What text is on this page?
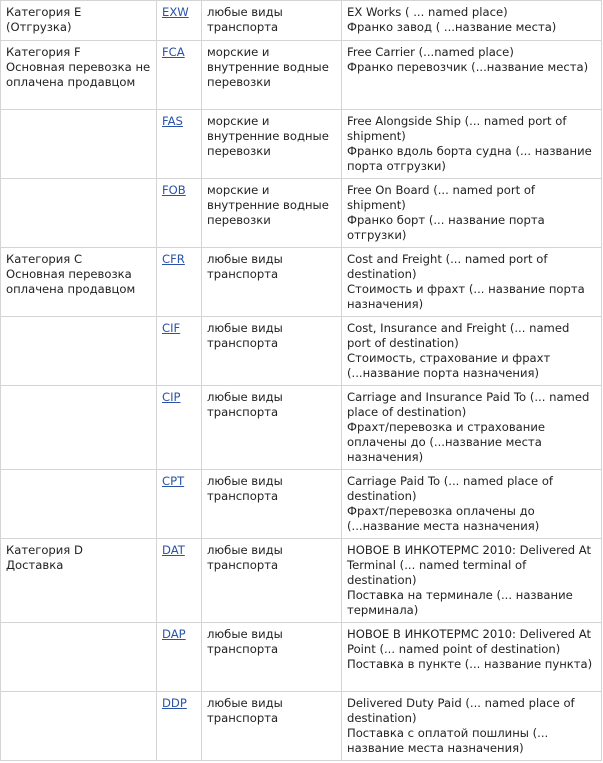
Категория E
(Отгрузка)	EXW	любые виды транспорта	EX Works ( ... named place)
Франко завод ( ...название места)

Категория F
Основная перевозка не оплачена продавцом	FCA	морские и внутренние водные перевозки	Free Carrier (...named place)
Франко перевозчик (...название места)

	FAS	морские и внутренние водные перевозки	Free Alongside Ship (... named port of shipment)
Франко вдоль борта судна (... название порта отгрузки)

	FOB	морские и внутренние водные перевозки	Free On Board (... named port of shipment)
Франко борт (... название порта отгрузки)

Категория C
Основная перевозка оплачена продавцом	CFR	любые виды транспорта	Cost and Freight (... named port of destination)
Стоимость и фрахт (... название порта назначения)

	CIF	любые виды транспорта	Cost, Insurance and Freight (... named port of destination)
Стоимость, страхование и фрахт (...название порта назначения)

	CIP	любые виды транспорта	Carriage and Insurance Paid To (... named place of destination)
Фрахт/перевозка и страхование оплачены до (...название места назначения)

	CPT	любые виды транспорта	Carriage Paid To (... named place of destination)
Фрахт/перевозка оплачены до (...название места назначения)

Категория D
Доставка	DAT	любые виды транспорта	НОВОЕ В ИНКОТЕРМС 2010: Delivered At Terminal (... named terminal of destination)
Поставка на терминале (... название терминала)

	DAP	любые виды транспорта	НОВОЕ В ИНКОТЕРМС 2010: Delivered At Point (... named point of destination)
Поставка в пункте (... название пункта)

	DDP	любые виды транспорта	Delivered Duty Paid (... named place of destination)
Поставка с оплатой пошлины (... название места назначения)
